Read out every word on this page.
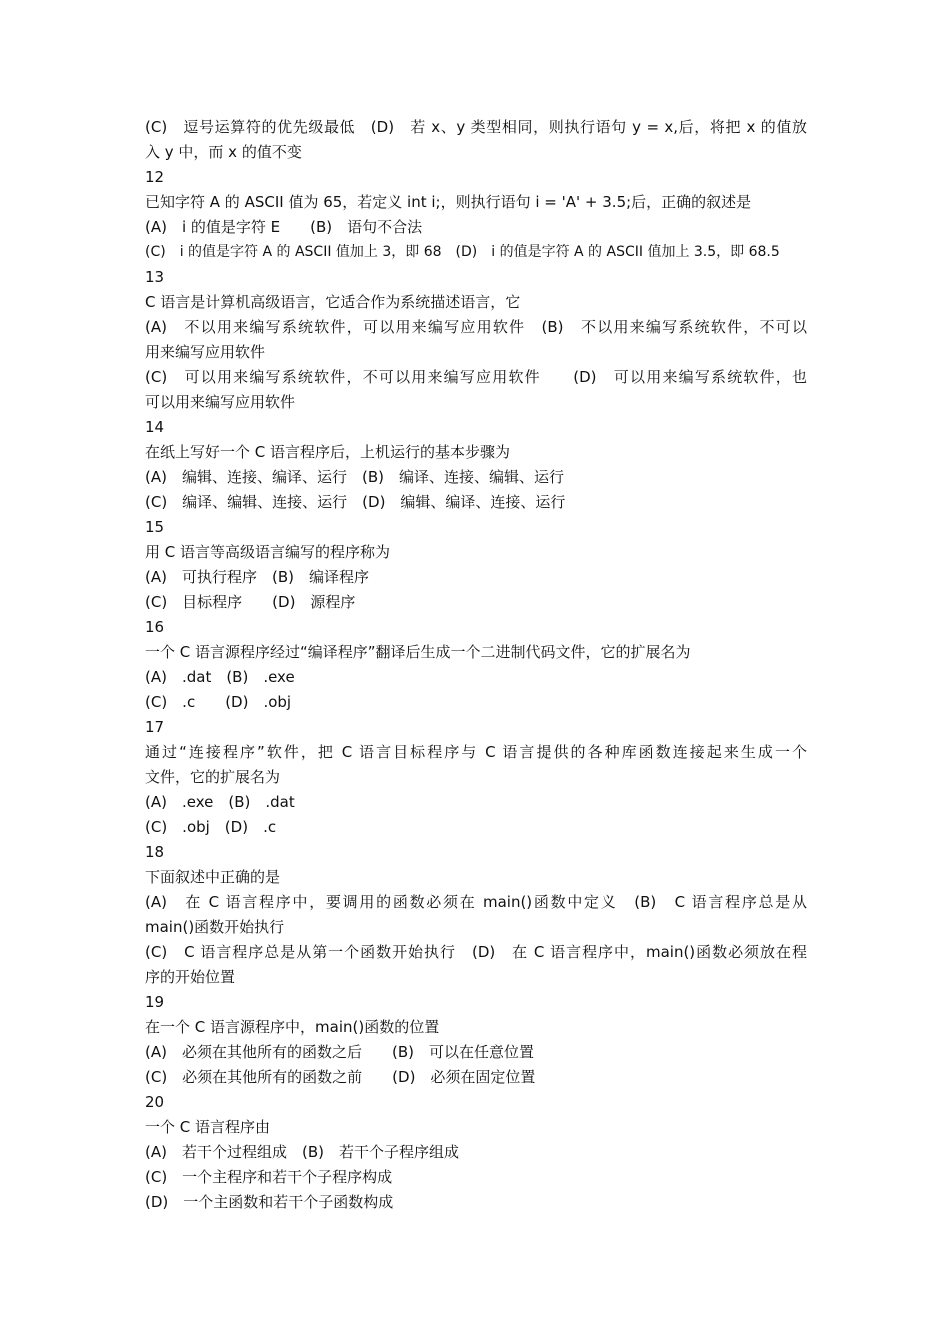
(C)　逗号运算符的优先级最低　(D)　若 x、y 类型相同，则执行语句 y = x,后，将把 x 的值放
入 y 中，而 x 的值不变
12
已知字符 A 的 ASCII 值为 65，若定义 int i;，则执行语句 i = 'A' + 3.5;后，正确的叙述是
(A)　i 的值是字符 E　　(B)　语句不合法
(C)　i 的值是字符 A 的 ASCII 值加上 3，即 68　(D)　i 的值是字符 A 的 ASCII 值加上 3.5，即 68.5
13
C 语言是计算机高级语言，它适合作为系统描述语言，它
(A)　不以用来编写系统软件，可以用来编写应用软件　(B)　不以用来编写系统软件，不可以
用来编写应用软件
(C)　可以用来编写系统软件，不可以用来编写应用软件　　(D)　可以用来编写系统软件，也
可以用来编写应用软件
14
在纸上写好一个 C 语言程序后，上机运行的基本步骤为
(A)　编辑、连接、编译、运行　(B)　编译、连接、编辑、运行
(C)　编译、编辑、连接、运行　(D)　编辑、编译、连接、运行
15
用 C 语言等高级语言编写的程序称为
(A)　可执行程序　(B)　编译程序
(C)　目标程序　　(D)　源程序
16
一个 C 语言源程序经过“编译程序”翻译后生成一个二进制代码文件，它的扩展名为
(A)　.dat　(B)　.exe
(C)　.c　　(D)　.obj
17
通过“连接程序”软件，把 C 语言目标程序与 C 语言提供的各种库函数连接起来生成一个
文件，它的扩展名为
(A)　.exe　(B)　.dat
(C)　.obj　(D)　.c
18
下面叙述中正确的是
(A)　在 C 语言程序中，要调用的函数必须在 main()函数中定义　(B)　C 语言程序总是从
main()函数开始执行
(C)　C 语言程序总是从第一个函数开始执行　(D)　在 C 语言程序中，main()函数必须放在程
序的开始位置
19
在一个 C 语言源程序中，main()函数的位置
(A)　必须在其他所有的函数之后　　(B)　可以在任意位置
(C)　必须在其他所有的函数之前　　(D)　必须在固定位置
20
一个 C 语言程序由
(A)　若干个过程组成　(B)　若干个子程序组成
(C)　一个主程序和若干个子程序构成
(D)　一个主函数和若干个子函数构成
